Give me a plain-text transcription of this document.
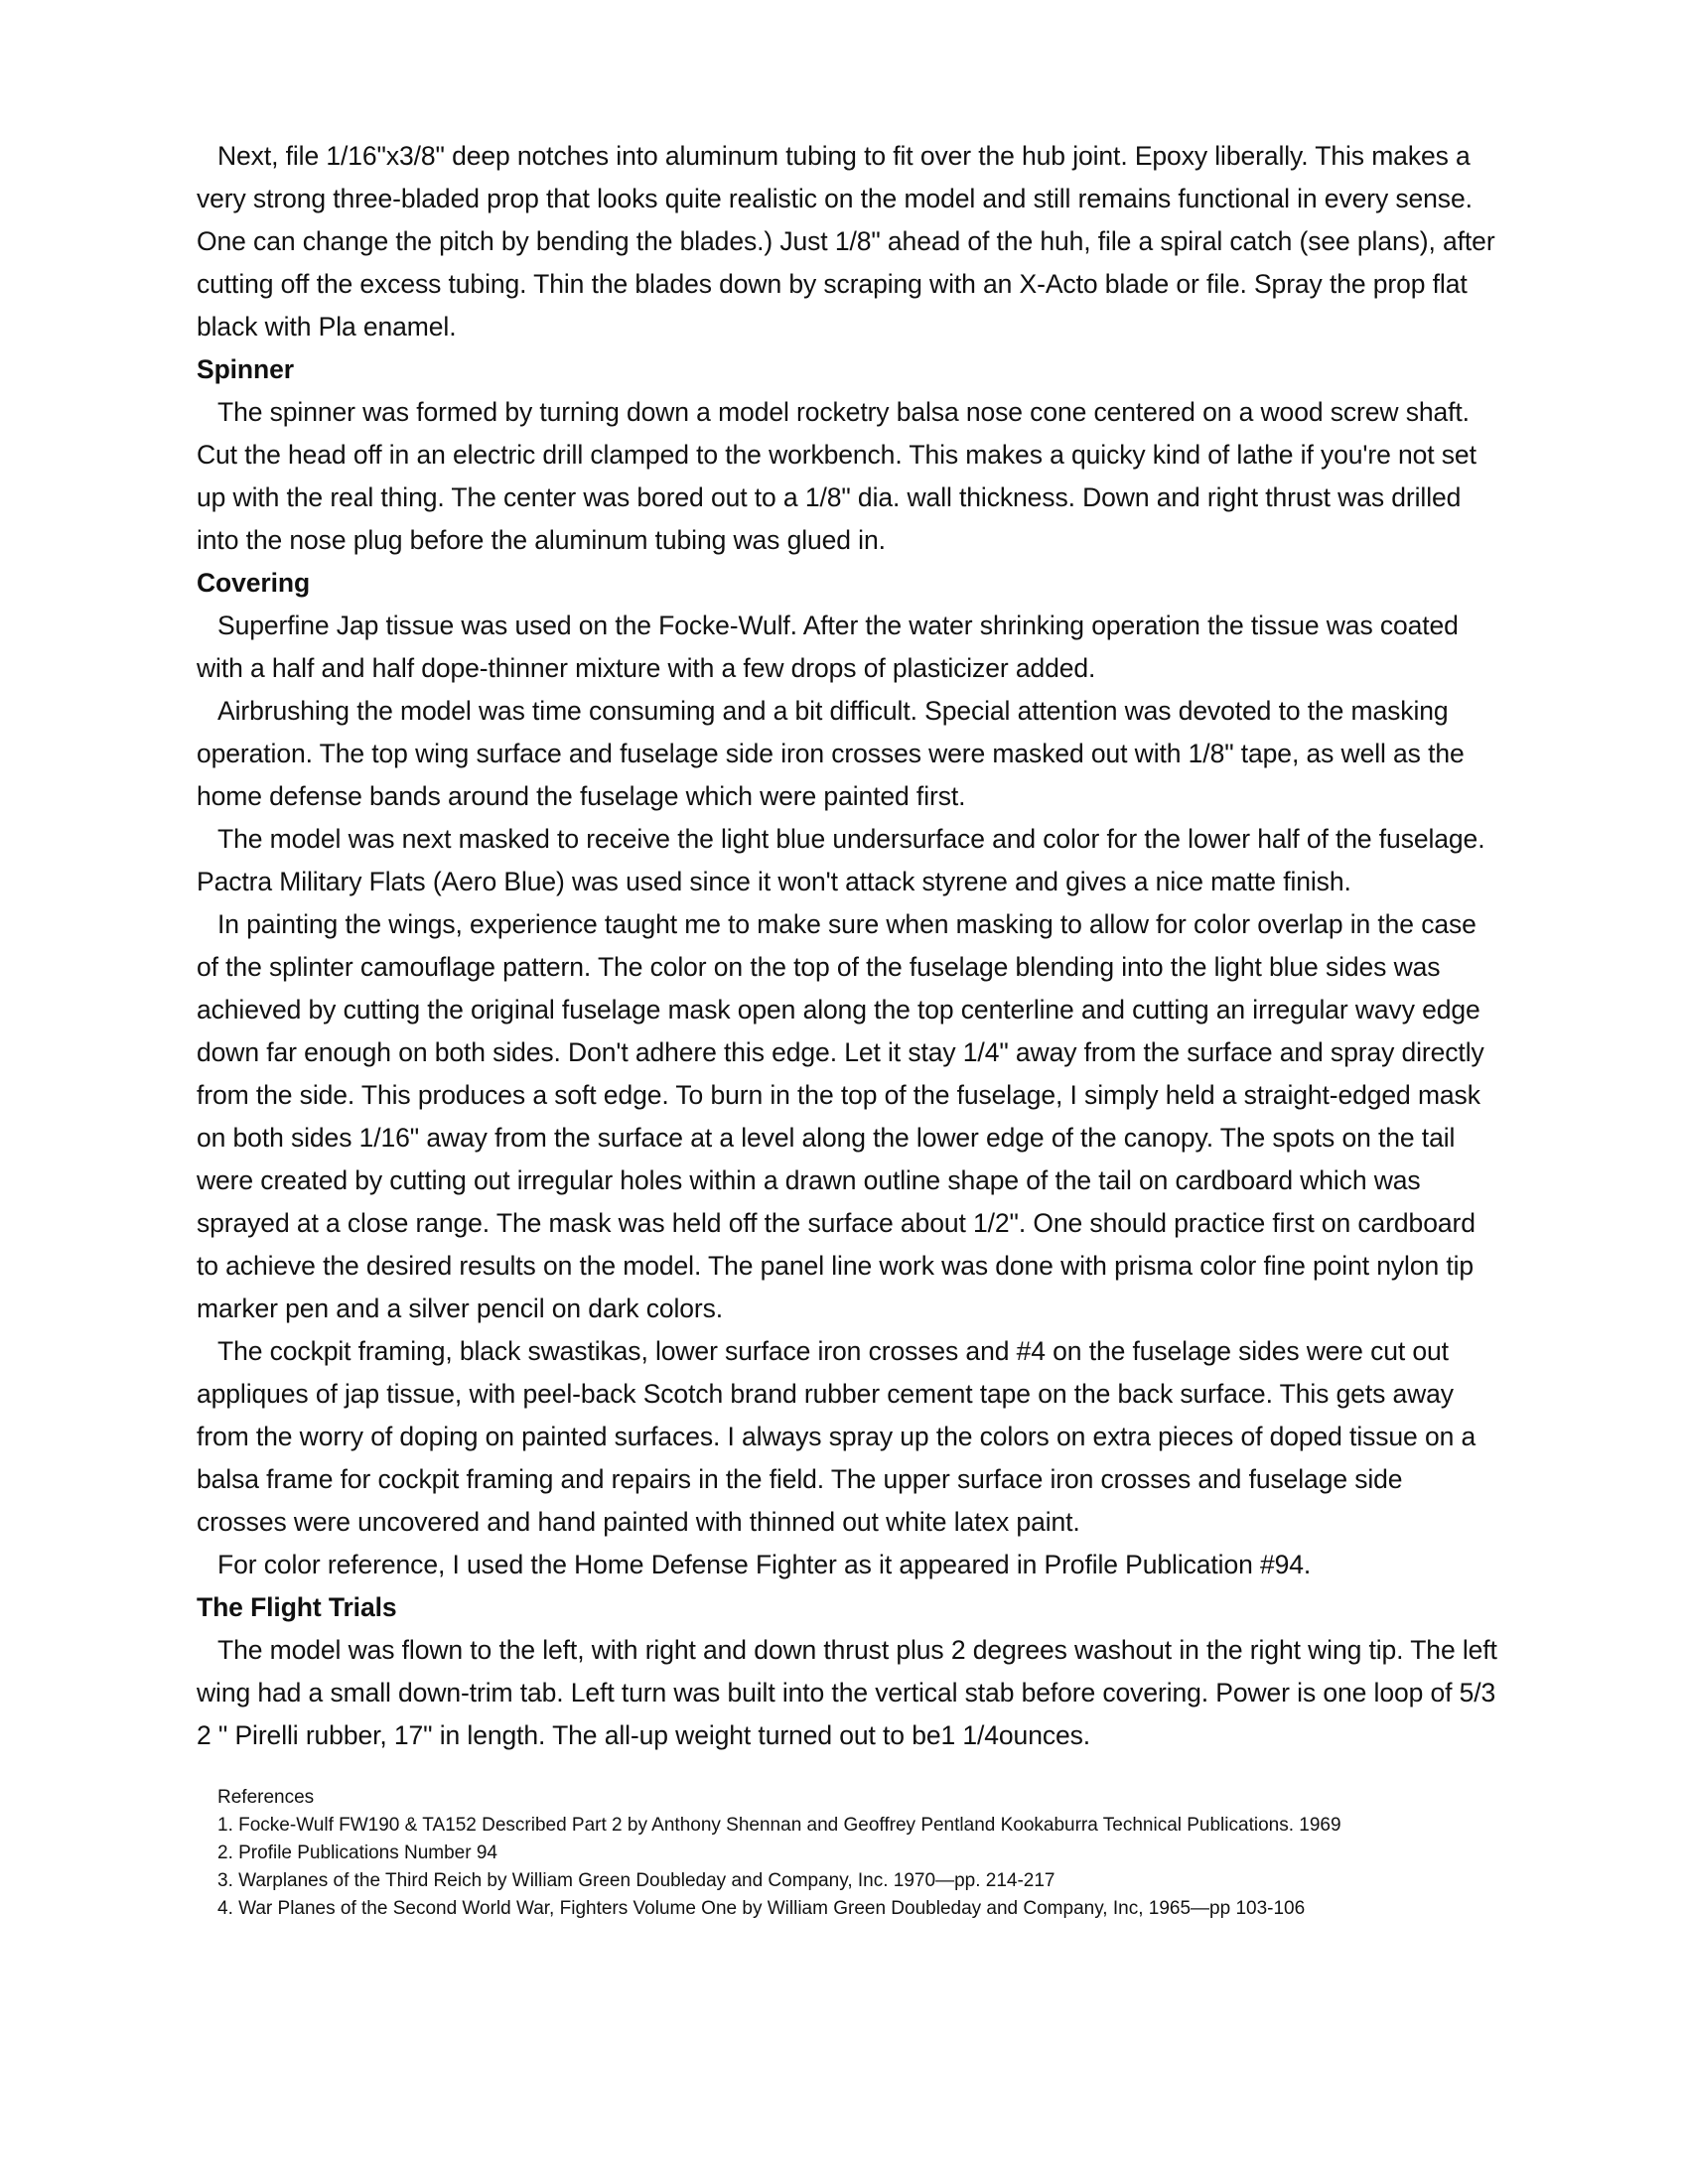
Next, file 1/16"x3/8" deep notches into aluminum tubing to fit over the hub joint. Epoxy liberally. This makes a very strong three-bladed prop that looks quite realistic on the model and still remains functional in every sense. One can change the pitch by bending the blades.) Just 1/8" ahead of the huh, file a spiral catch (see plans), after cutting off the excess tubing. Thin the blades down by scraping with an X-Acto blade or file. Spray the prop flat black with Pla enamel.

Spinner

The spinner was formed by turning down a model rocketry balsa nose cone centered on a wood screw shaft. Cut the head off in an electric drill clamped to the workbench. This makes a quicky kind of lathe if you're not set up with the real thing. The center was bored out to a 1/8" dia. wall thickness. Down and right thrust was drilled into the nose plug before the aluminum tubing was glued in.

Covering

Superfine Jap tissue was used on the Focke-Wulf. After the water shrinking operation the tissue was coated with a half and half dope-thinner mixture with a few drops of plasticizer added.

Airbrushing the model was time consuming and a bit difficult. Special attention was devoted to the masking operation. The top wing surface and fuselage side iron crosses were masked out with 1/8" tape, as well as the home defense bands around the fuselage which were painted first.

The model was next masked to receive the light blue undersurface and color for the lower half of the fuselage. Pactra Military Flats (Aero Blue) was used since it won't attack styrene and gives a nice matte finish.

In painting the wings, experience taught me to make sure when masking to allow for color overlap in the case of the splinter camouflage pattern. The color on the top of the fuselage blending into the light blue sides was achieved by cutting the original fuselage mask open along the top centerline and cutting an irregular wavy edge down far enough on both sides. Don't adhere this edge. Let it stay 1/4" away from the surface and spray directly from the side. This produces a soft edge. To burn in the top of the fuselage, I simply held a straight-edged mask on both sides 1/16" away from the surface at a level along the lower edge of the canopy. The spots on the tail were created by cutting out irregular holes within a drawn outline shape of the tail on cardboard which was sprayed at a close range. The mask was held off the surface about 1/2". One should practice first on cardboard to achieve the desired results on the model. The panel line work was done with prisma color fine point nylon tip marker pen and a silver pencil on dark colors.

The cockpit framing, black swastikas, lower surface iron crosses and #4 on the fuselage sides were cut out appliques of jap tissue, with peel-back Scotch brand rubber cement tape on the back surface. This gets away from the worry of doping on painted surfaces. I always spray up the colors on extra pieces of doped tissue on a balsa frame for cockpit framing and repairs in the field. The upper surface iron crosses and fuselage side crosses were uncovered and hand painted with thinned out white latex paint.

For color reference, I used the Home Defense Fighter as it appeared in Profile Publication #94.

The Flight Trials

The model was flown to the left, with right and down thrust plus 2 degrees washout in the right wing tip. The left wing had a small down-trim tab. Left turn was built into the vertical stab before covering. Power is one loop of 5/3 2 " Pirelli rubber, 17" in length. The all-up weight turned out to be1 1/4ounces.

References

1. Focke-Wulf FW190 & TA152 Described Part 2 by Anthony Shennan and Geoffrey Pentland Kookaburra Technical Publications. 1969

2. Profile Publications Number 94

3. Warplanes of the Third Reich by William Green Doubleday and Company, Inc. 1970—pp. 214-217

4. War Planes of the Second World War, Fighters Volume One by William Green Doubleday and Company, Inc, 1965—pp 103-106
